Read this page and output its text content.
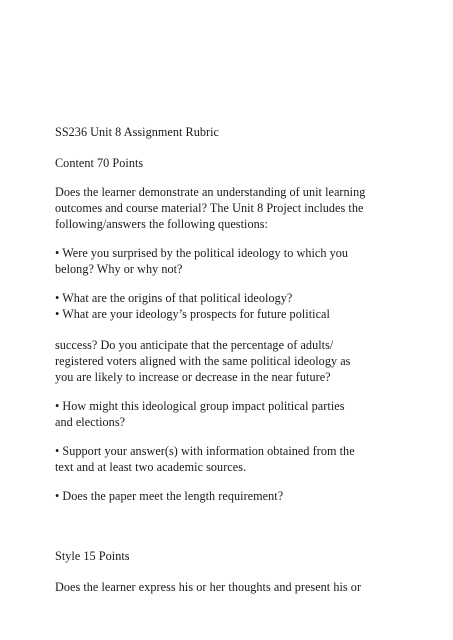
SS236 Unit 8 Assignment Rubric

Content 70 Points

Does the learner demonstrate an understanding of unit learning

outcomes and course material? The Unit 8 Project includes the

following/answers the following questions:

• Were you surprised by the political ideology to which you

belong? Why or why not?

• What are the origins of that political ideology?

• What are your ideology’s prospects for future political

success? Do you anticipate that the percentage of adults/

registered voters aligned with the same political ideology as

you are likely to increase or decrease in the near future?

• How might this ideological group impact political parties

and elections?

• Support your answer(s) with information obtained from the

text and at least two academic sources.

• Does the paper meet the length requirement?

Style 15 Points

Does the learner express his or her thoughts and present his or
